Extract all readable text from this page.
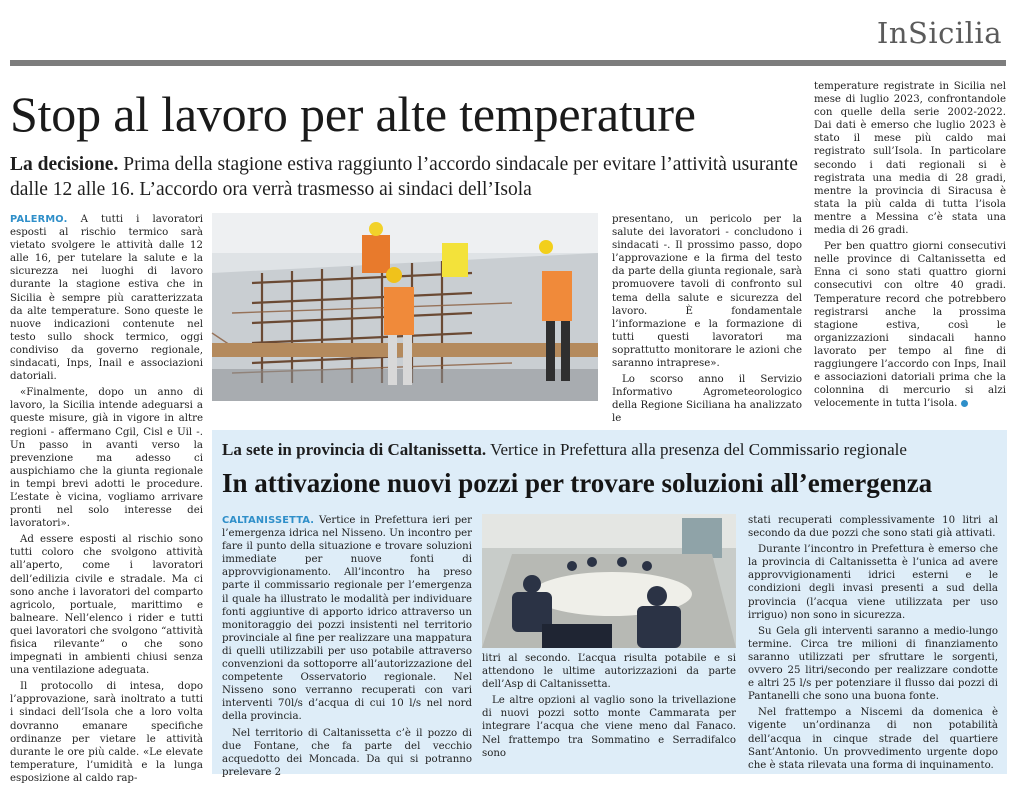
InSicilia
Stop al lavoro per alte temperature
La decisione. Prima della stagione estiva raggiunto l’accordo sindacale per evitare l’attività usurante dalle 12 alle 16. L’accordo ora verrà trasmesso ai sindaci dell’Isola

PALERMO. A tutti i lavoratori esposti al rischio termico sarà vietato svolgere le attività dalle 12 alle 16, per tutelare la salute e la sicurezza nei luoghi di lavoro durante la stagione estiva che in Sicilia è sempre più caratterizzata da alte temperature. Sono queste le nuove indicazioni contenute nel testo sullo shock termico, oggi condiviso da governo regionale, sindacati, Inps, Inail e associazioni datoriali.

«Finalmente, dopo un anno di lavoro, la Sicilia intende adeguarsi a queste misure, già in vigore in altre regioni - affermano Cgil, Cisl e Uil -. Un passo in avanti verso la prevenzione ma adesso ci auspichiamo che la giunta regionale in tempi brevi adotti le procedure. L’estate è vicina, vogliamo arrivare pronti nel solo interesse dei lavoratori».

Ad essere esposti al rischio sono tutti coloro che svolgono attività all’aperto, come i lavoratori dell’edilizia civile e stradale. Ma ci sono anche i lavoratori del comparto agricolo, portuale, marittimo e balneare. Nell’elenco i rider e tutti quei lavoratori che svolgono “attività fisica rilevante” o che sono impegnati in ambienti chiusi senza una ventilazione adeguata.

Il protocollo di intesa, dopo l’approvazione, sarà inoltrato a tutti i sindaci dell’Isola che a loro volta dovranno emanare specifiche ordinanze per vietare le attività durante le ore più calde. «Le elevate temperature, l’umidità e la lunga esposizione al caldo rap-

presentano, un pericolo per la salute dei lavoratori - concludono i sindacati -. Il prossimo passo, dopo l’approvazione e la firma del testo da parte della giunta regionale, sarà promuovere tavoli di confronto sul tema della salute e sicurezza del lavoro. È fondamentale l’informazione e la formazione di tutti questi lavoratori ma soprattutto monitorare le azioni che saranno intraprese».

Lo scorso anno il Servizio Informativo Agrometeorologico della Regione Siciliana ha analizzato le

temperature registrate in Sicilia nel mese di luglio 2023, confrontandole con quelle della serie 2002-2022. Dai dati è emerso che luglio 2023 è stato il mese più caldo mai registrato sull’Isola. In particolare secondo i dati regionali si è registrata una media di 28 gradi, mentre la provincia di Siracusa è stata la più calda di tutta l’isola mentre a Messina c’è stata una media di 26 gradi.

Per ben quattro giorni consecutivi nelle province di Caltanissetta ed Enna ci sono stati quattro giorni consecutivi con oltre 40 gradi. Temperature record che potrebbero registrarsi anche la prossima stagione estiva, così le organizzazioni sindacali hanno lavorato per tempo al fine di raggiungere l’accordo con Inps, Inail e associazioni datoriali prima che la colonnina di mercurio si alzi velocemente in tutta l’isola.

La sete in provincia di Caltanissetta. Vertice in Prefettura alla presenza del Commissario regionale
In attivazione nuovi pozzi per trovare soluzioni all’emergenza

CALTANISSETTA. Vertice in Prefettura ieri per l’emergenza idrica nel Nisseno. Un incontro per fare il punto della situazione e trovare soluzioni immediate per nuove fonti di approvvigionamento. All’incontro ha preso parte il commissario regionale per l’emergenza il quale ha illustrato le modalità per individuare fonti aggiuntive di apporto idrico attraverso un monitoraggio dei pozzi insistenti nel territorio provinciale al fine per realizzare una mappatura di quelli utilizzabili per uso potabile attraverso convenzioni da sottoporre all’autorizzazione del competente Osservatorio regionale. Nel Nisseno sono verranno recuperati con vari interventi 70l/s d’acqua di cui 10 l/s nel nord della provincia.

Nel territorio di Caltanissetta c’è il pozzo di due Fontane, che fa parte del vecchio acquedotto dei Moncada. Da qui si potranno prelevare 2

litri al secondo. L’acqua risulta potabile e si attendono le ultime autorizzazioni da parte dell’Asp di Caltanissetta.

Le altre opzioni al vaglio sono la trivellazione di nuovi pozzi sotto monte Cammarata per integrare l’acqua che viene meno dal Fanaco. Nel frattempo tra Sommatino e Serradifalco sono

stati recuperati complessivamente 10 litri al secondo da due pozzi che sono stati già attivati.

Durante l’incontro in Prefettura è emerso che la provincia di Caltanissetta è l’unica ad avere approvvigionamenti idrici esterni e le condizioni degli invasi presenti a sud della provincia (l’acqua viene utilizzata per uso irriguo) non sono in sicurezza.

Su Gela gli interventi saranno a medio-lungo termine. Circa tre milioni di finanziamento saranno utilizzati per sfruttare le sorgenti, ovvero 25 litri/secondo per realizzare condotte e altri 25 l/s per potenziare il flusso dai pozzi di Pantanelli che sono una buona fonte.

Nel frattempo a Niscemi da domenica è vigente un’ordinanza di non potabilità dell’acqua in cinque strade del quartiere Sant’Antonio. Un provvedimento urgente dopo che è stata rilevata una forma di inquinamento.
